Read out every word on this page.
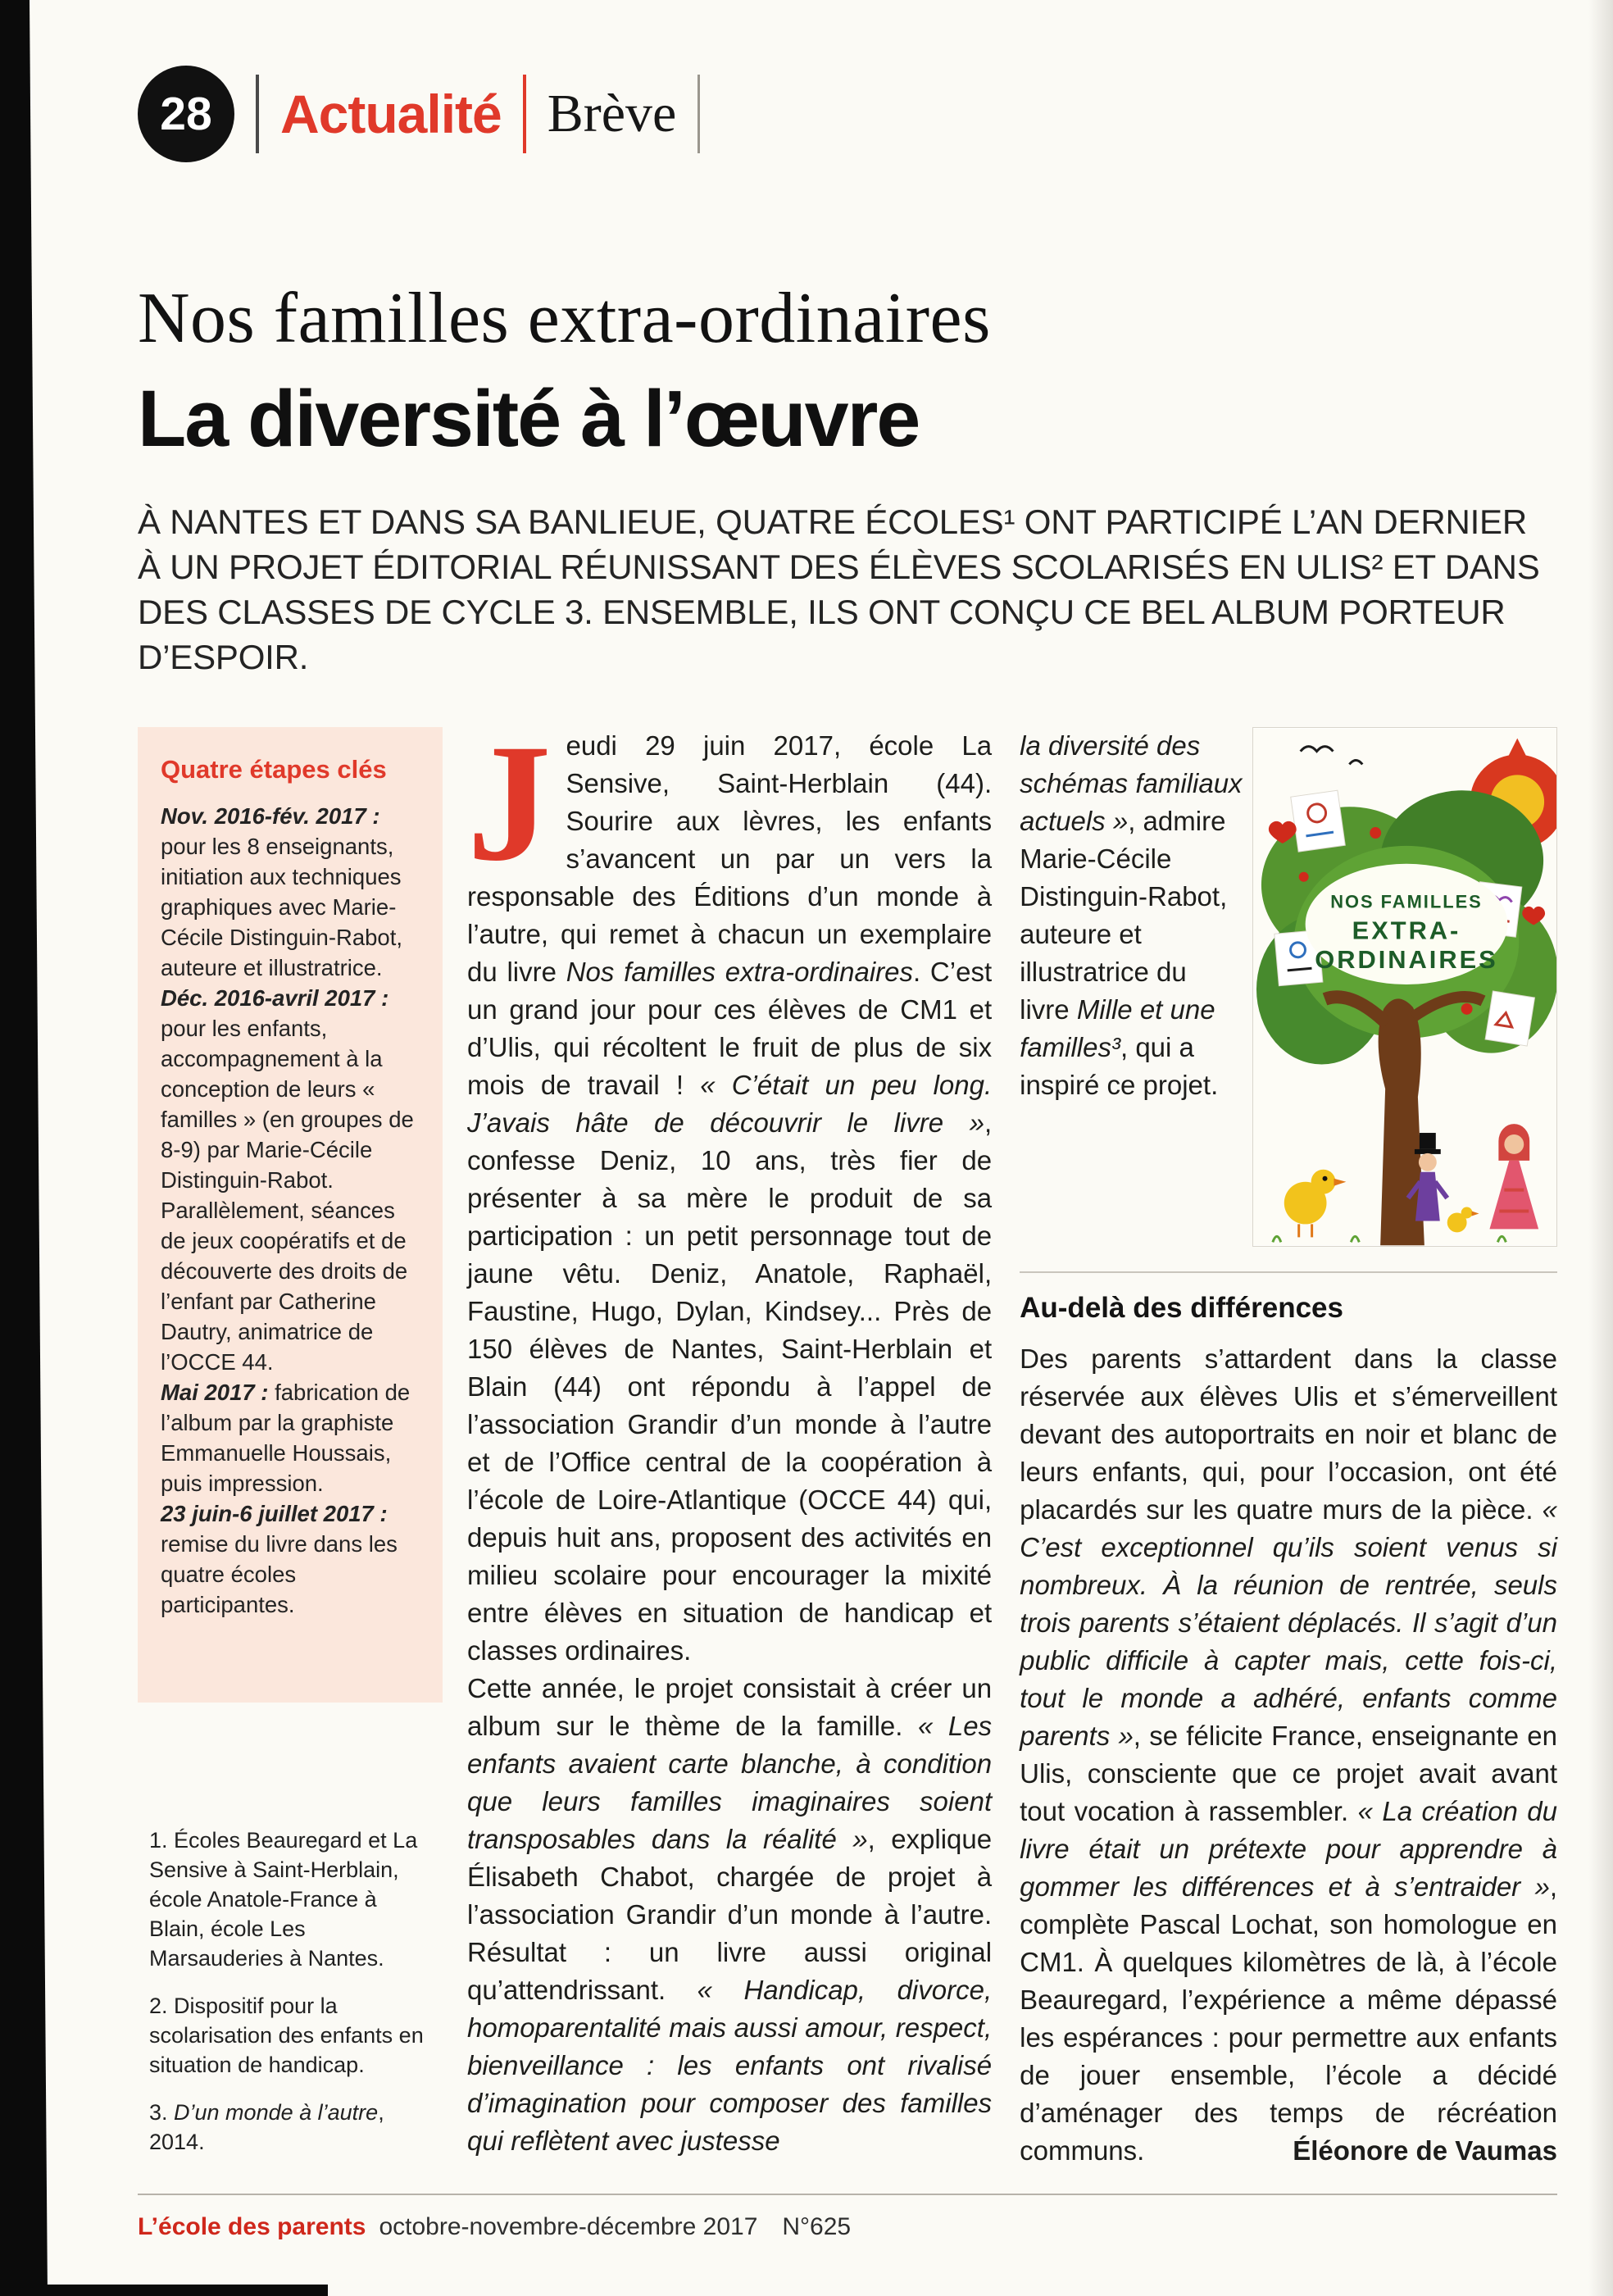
28 Actualité Brève
Nos familles extra-ordinaires
La diversité à l’œuvre

À NANTES ET DANS SA BANLIEUE, QUATRE ÉCOLES¹ ONT PARTICIPÉ L’AN DERNIER À UN PROJET ÉDITORIAL RÉUNISSANT DES ÉLÈVES SCOLARISÉS EN ULIS² ET DANS DES CLASSES DE CYCLE 3. ENSEMBLE, ILS ONT CONÇU CE BEL ALBUM PORTEUR D’ESPOIR.

Quatre étapes clés

Nov. 2016-fév. 2017 : pour les 8 enseignants, initiation aux techniques graphiques avec Marie-Cécile Distinguin-Rabot, auteure et illustratrice.

Déc. 2016-avril 2017 : pour les enfants, accompagnement à la conception de leurs « familles » (en groupes de 8-9) par Marie-Cécile Distinguin-Rabot. Parallèlement, séances de jeux coopératifs et de découverte des droits de l’enfant par Catherine Dautry, animatrice de l’OCCE 44.

Mai 2017 : fabrication de l’album par la graphiste Emmanuelle Houssais, puis impression.

23 juin-6 juillet 2017 : remise du livre dans les quatre écoles participantes.

1. Écoles Beauregard et La Sensive à Saint-Herblain, école Anatole-France à Blain, école Les Marsauderies à Nantes.

2. Dispositif pour la scolarisation des enfants en situation de handicap.

3. D’un monde à l’autre, 2014.

Jeudi 29 juin 2017, école La Sensive, Saint-Herblain (44). Sourire aux lèvres, les enfants s’avancent un par un vers la responsable des Éditions d’un monde à l’autre, qui remet à chacun un exemplaire du livre Nos familles extra-ordinaires. C’est un grand jour pour ces élèves de CM1 et d’Ulis, qui récoltent le fruit de plus de six mois de travail ! « C’était un peu long. J’avais hâte de découvrir le livre », confesse Deniz, 10 ans, très fier de présenter à sa mère le produit de sa participation : un petit personnage tout de jaune vêtu. Deniz, Anatole, Raphaël, Faustine, Hugo, Dylan, Kindsey... Près de 150 élèves de Nantes, Saint-Herblain et Blain (44) ont répondu à l’appel de l’association Grandir d’un monde à l’autre et de l’Office central de la coopération à l’école de Loire-Atlantique (OCCE 44) qui, depuis huit ans, proposent des activités en milieu scolaire pour encourager la mixité entre élèves en situation de handicap et classes ordinaires.

Cette année, le projet consistait à créer un album sur le thème de la famille. « Les enfants avaient carte blanche, à condition que leurs familles imaginaires soient transposables dans la réalité », explique Élisabeth Chabot, chargée de projet à l’association Grandir d’un monde à l’autre. Résultat : un livre aussi original qu’attendrissant. « Handicap, divorce, homoparentalité mais aussi amour, respect, bienveillance : les enfants ont rivalisé d’imagination pour composer des familles qui reflètent avec justesse

la diversité des schémas familiaux actuels », admire Marie-Cécile Distinguin-Rabot, auteure et illustratrice du livre Mille et une familles³, qui a inspiré ce projet.

NOS FAMILLES
EXTRA-
ORDINAIRES
Au-delà des différences

Des parents s’attardent dans la classe réservée aux élèves Ulis et s’émerveillent devant des autoportraits en noir et blanc de leurs enfants, qui, pour l’occasion, ont été placardés sur les quatre murs de la pièce. « C’est exceptionnel qu’ils soient venus si nombreux. À la réunion de rentrée, seuls trois parents s’étaient déplacés. Il s’agit d’un public difficile à capter mais, cette fois-ci, tout le monde a adhéré, enfants comme parents », se félicite France, enseignante en Ulis, consciente que ce projet avait avant tout vocation à rassembler. « La création du livre était un prétexte pour apprendre à gommer les différences et à s’entraider », complète Pascal Lochat, son homologue en CM1. À quelques kilomètres de là, à l’école Beauregard, l’expérience a même dépassé les espérances : pour permettre aux enfants de jouer ensemble, l’école a décidé d’aménager des temps de récréation communs.	Éléonore de Vaumas
L’école des parents octobre-novembre-décembre 2017 N°625
